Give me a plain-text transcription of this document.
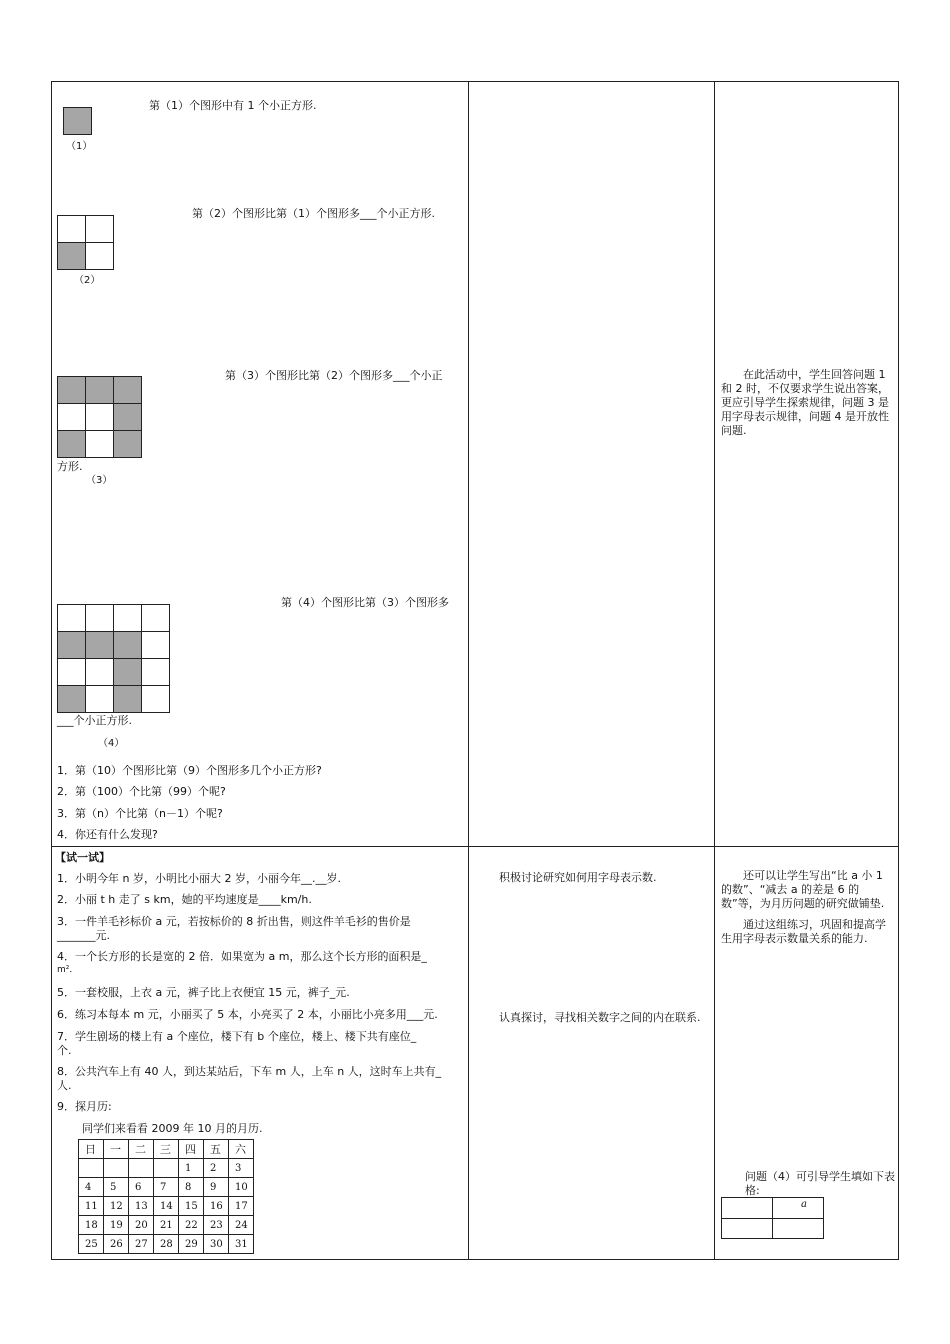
（1）
第（1）个图形中有 1 个小正方形.
（2）
第（2）个图形比第（1）个图形多___个小正方形.
第（3）个图形比第（2）个图形多___个小正
方形.
（3）
第（4）个图形比第（3）个图形多
___个小正方形.
（4）
1．第（10）个图形比第（9）个图形多几个小正方形?
2．第（100）个比第（99）个呢?
3．第（n）个比第（n－1）个呢?
4．你还有什么发现?
【试一试】
1．小明今年 n 岁，小明比小丽大 2 岁，小丽今年__.__岁.
2．小丽 t h 走了 s km，她的平均速度是____km/h.
3．一件羊毛衫标价 a 元，若按标价的 8 折出售，则这件羊毛衫的售价是
_______元.
4．一个长方形的长是宽的 2 倍．如果宽为 a m，那么这个长方形的面积是_
m²．
5．一套校服，上衣 a 元，裤子比上衣便宜 15 元，裤子_元.
6．练习本每本 m 元，小丽买了 5 本，小亮买了 2 本，小丽比小亮多用___元.
7．学生剧场的楼上有 a 个座位，楼下有 b 个座位，楼上、楼下共有座位_
个.
8．公共汽车上有 40 人，到达某站后，下车 m 人，上车 n 人，这时车上共有_
人.
9．探月历:
同学们来看看 2009 年 10 月的月历.
日	一	二	三	四	五	六
				1	2	3
4	5	6	7	8	9	10
11	12	13	14	15	16	17
18	19	20	21	22	23	24
25	26	27	28	29	30	31
积极讨论研究如何用字母表示数.
认真探讨，寻找相关数字之间的内在联系.
在此活动中，学生回答问题 1 和 2 时，不仅要求学生说出答案，更应引导学生探索规律，问题 3 是用字母表示规律，问题 4 是开放性问题.
还可以让学生写出“比 a 小 1 的数”、“减去 a 的差是 6 的数”等，为月历问题的研究做铺垫.
通过这组练习，巩固和提高学生用字母表示数量关系的能力.
问题（4）可引导学生填如下表格:
a
